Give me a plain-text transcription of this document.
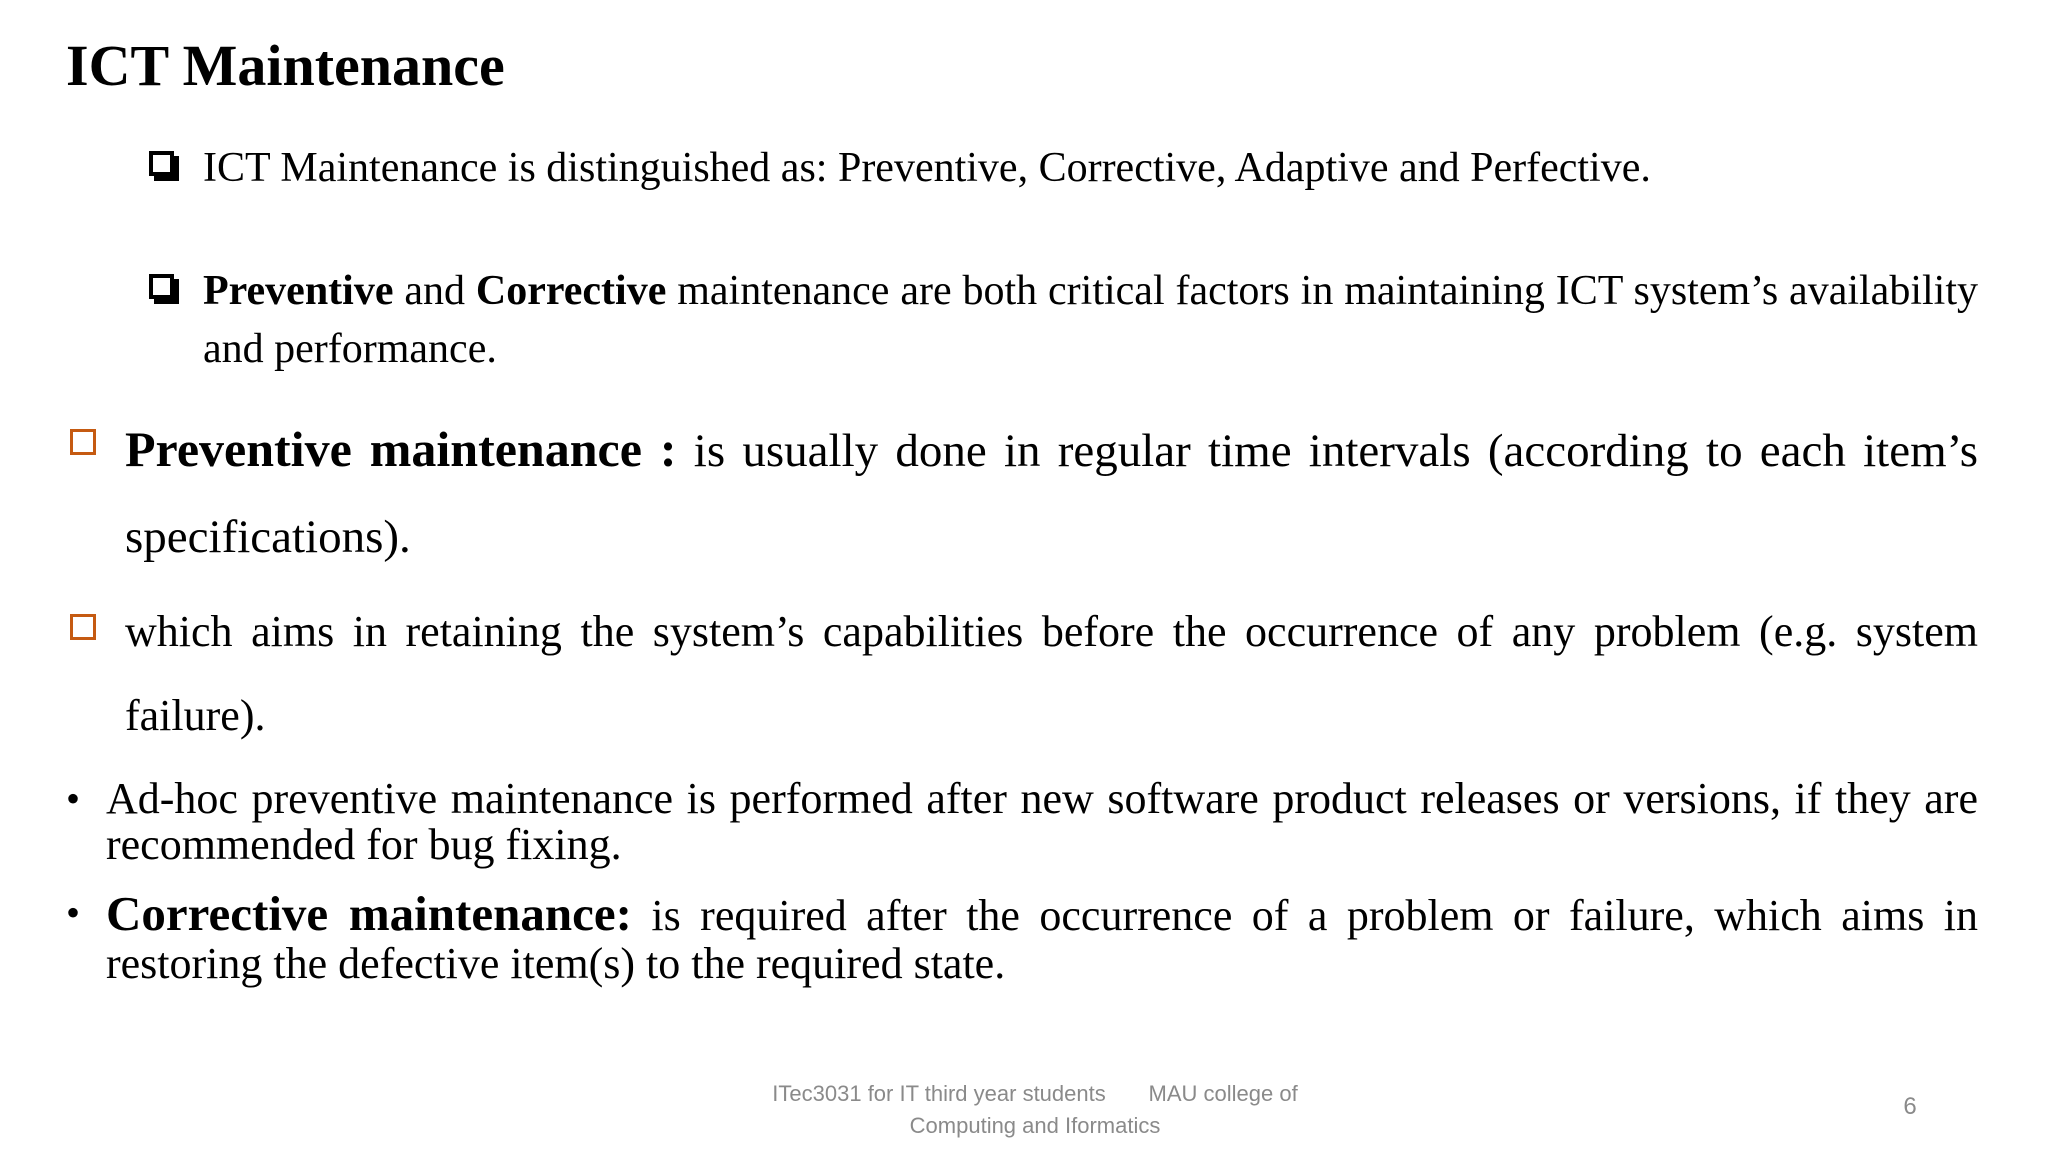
ICT Maintenance
ICT Maintenance is distinguished as: Preventive, Corrective, Adaptive and Perfective.
Preventive and Corrective maintenance are both critical factors in maintaining ICT system’s availability and performance.
Preventive maintenance : is usually done in regular time intervals (according to each item’s specifications).
which aims in retaining the system’s capabilities before the occurrence of any problem (e.g. system failure).
• Ad-hoc preventive maintenance is performed after new software product releases or versions, if they are recommended for bug fixing.
• Corrective maintenance: is required after the occurrence of a problem or failure, which aims in restoring the defective item(s) to the required state.
ITec3031 for IT third year students       MAU college of
Computing and Iformatics
6
